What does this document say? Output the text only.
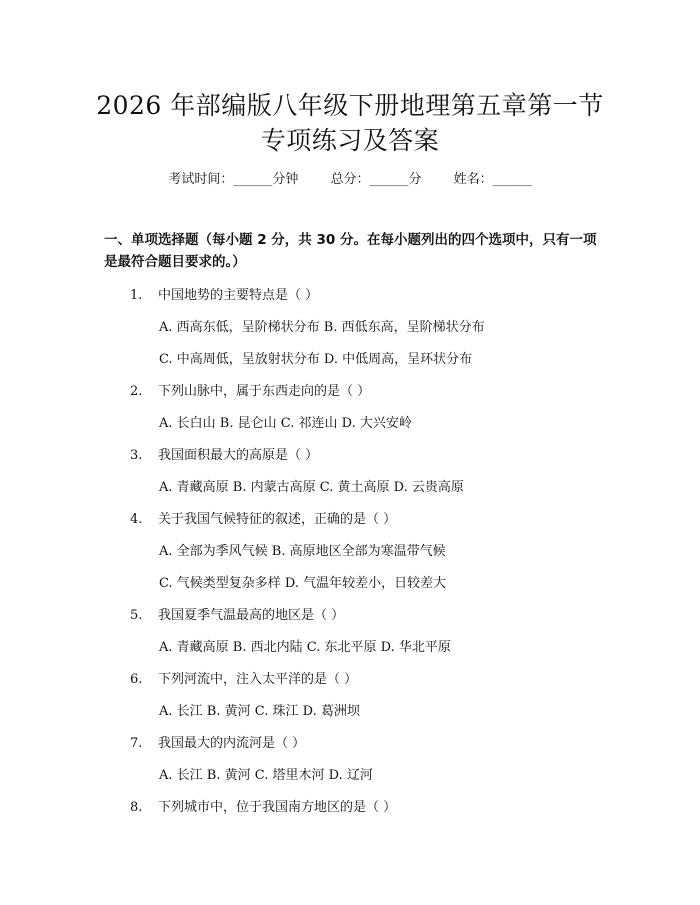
2026 年部编版八年级下册地理第五章第一节
专项练习及答案
考试时间：______分钟 总分：______分 姓名：______
一、单项选择题（每小题 2 分，共 30 分。在每小题列出的四个选项中，只有一项是最符合题目要求的。）
1. 中国地势的主要特点是（ ）
A. 西高东低，呈阶梯状分布 B. 西低东高，呈阶梯状分布
C. 中高周低，呈放射状分布 D. 中低周高，呈环状分布
2. 下列山脉中，属于东西走向的是（ ）
A. 长白山 B. 昆仑山 C. 祁连山 D. 大兴安岭
3. 我国面积最大的高原是（ ）
A. 青藏高原 B. 内蒙古高原 C. 黄土高原 D. 云贵高原
4. 关于我国气候特征的叙述，正确的是（ ）
A. 全部为季风气候 B. 高原地区全部为寒温带气候
C. 气候类型复杂多样 D. 气温年较差小，日较差大
5. 我国夏季气温最高的地区是（ ）
A. 青藏高原 B. 西北内陆 C. 东北平原 D. 华北平原
6. 下列河流中，注入太平洋的是（ ）
A. 长江 B. 黄河 C. 珠江 D. 葛洲坝
7. 我国最大的内流河是（ ）
A. 长江 B. 黄河 C. 塔里木河 D. 辽河
8. 下列城市中，位于我国南方地区的是（ ）
